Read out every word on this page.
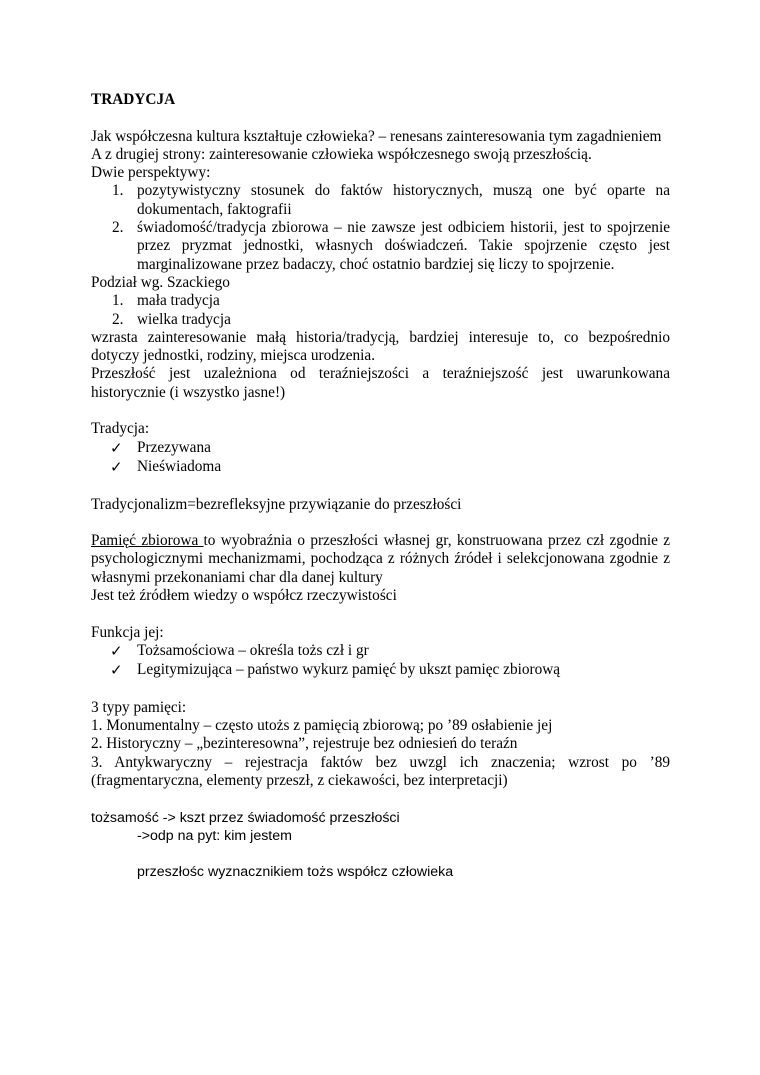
TRADYCJA
Jak współczesna kultura kształtuje człowieka? – renesans zainteresowania tym zagadnieniem
A z drugiej strony: zainteresowanie człowieka współczesnego swoją przeszłością.
Dwie perspektywy:
1. pozytywistyczny stosunek do faktów historycznych, muszą one być oparte na dokumentach, faktografii
2. świadomość/tradycja zbiorowa – nie zawsze jest odbiciem historii, jest to spojrzenie przez pryzmat jednostki, własnych doświadczeń. Takie spojrzenie często jest marginalizowane przez badaczy, choć ostatnio bardziej się liczy to spojrzenie.
Podział wg. Szackiego
1. mała tradycja
2. wielka tradycja
wzrasta zainteresowanie małą historia/tradycją, bardziej interesuje to, co bezpośrednio dotyczy jednostki, rodziny, miejsca urodzenia.
Przeszłość jest uzależniona od teraźniejszości a teraźniejszość jest uwarunkowana historycznie (i wszystko jasne!)
Tradycja:
✓ Przezywana
✓ Nieświadoma
Tradycjonalizm=bezrefleksyjne przywiązanie do przeszłości
Pamięć zbiorowa to wyobraźnia o przeszłości własnej gr, konstruowana przez czł zgodnie z psychologicznymi mechanizmami, pochodząca z różnych źródeł i selekcjonowana zgodnie z własnymi przekonaniami char dla danej kultury
Jest też źródłem wiedzy o współcz rzeczywistości
Funkcja jej:
✓ Tożsamościowa – określa tożs czł i gr
✓ Legitymizująca – państwo wykurz pamięć by ukszt pamięc zbiorową
3 typy pamięci:
1. Monumentalny – często utożs z pamięcią zbiorową; po ’89 osłabienie jej
2. Historyczny – „bezinteresowna”, rejestruje bez odniesień do teraźn
3. Antykwaryczny – rejestracja faktów bez uwzgl ich znaczenia; wzrost po ’89 (fragmentaryczna, elementy przeszł, z ciekawości, bez interpretacji)
tożsamość -> kszt przez świadomość przeszłości
->odp na pyt: kim jestem
przeszłośc wyznacznikiem tożs współcz człowieka
